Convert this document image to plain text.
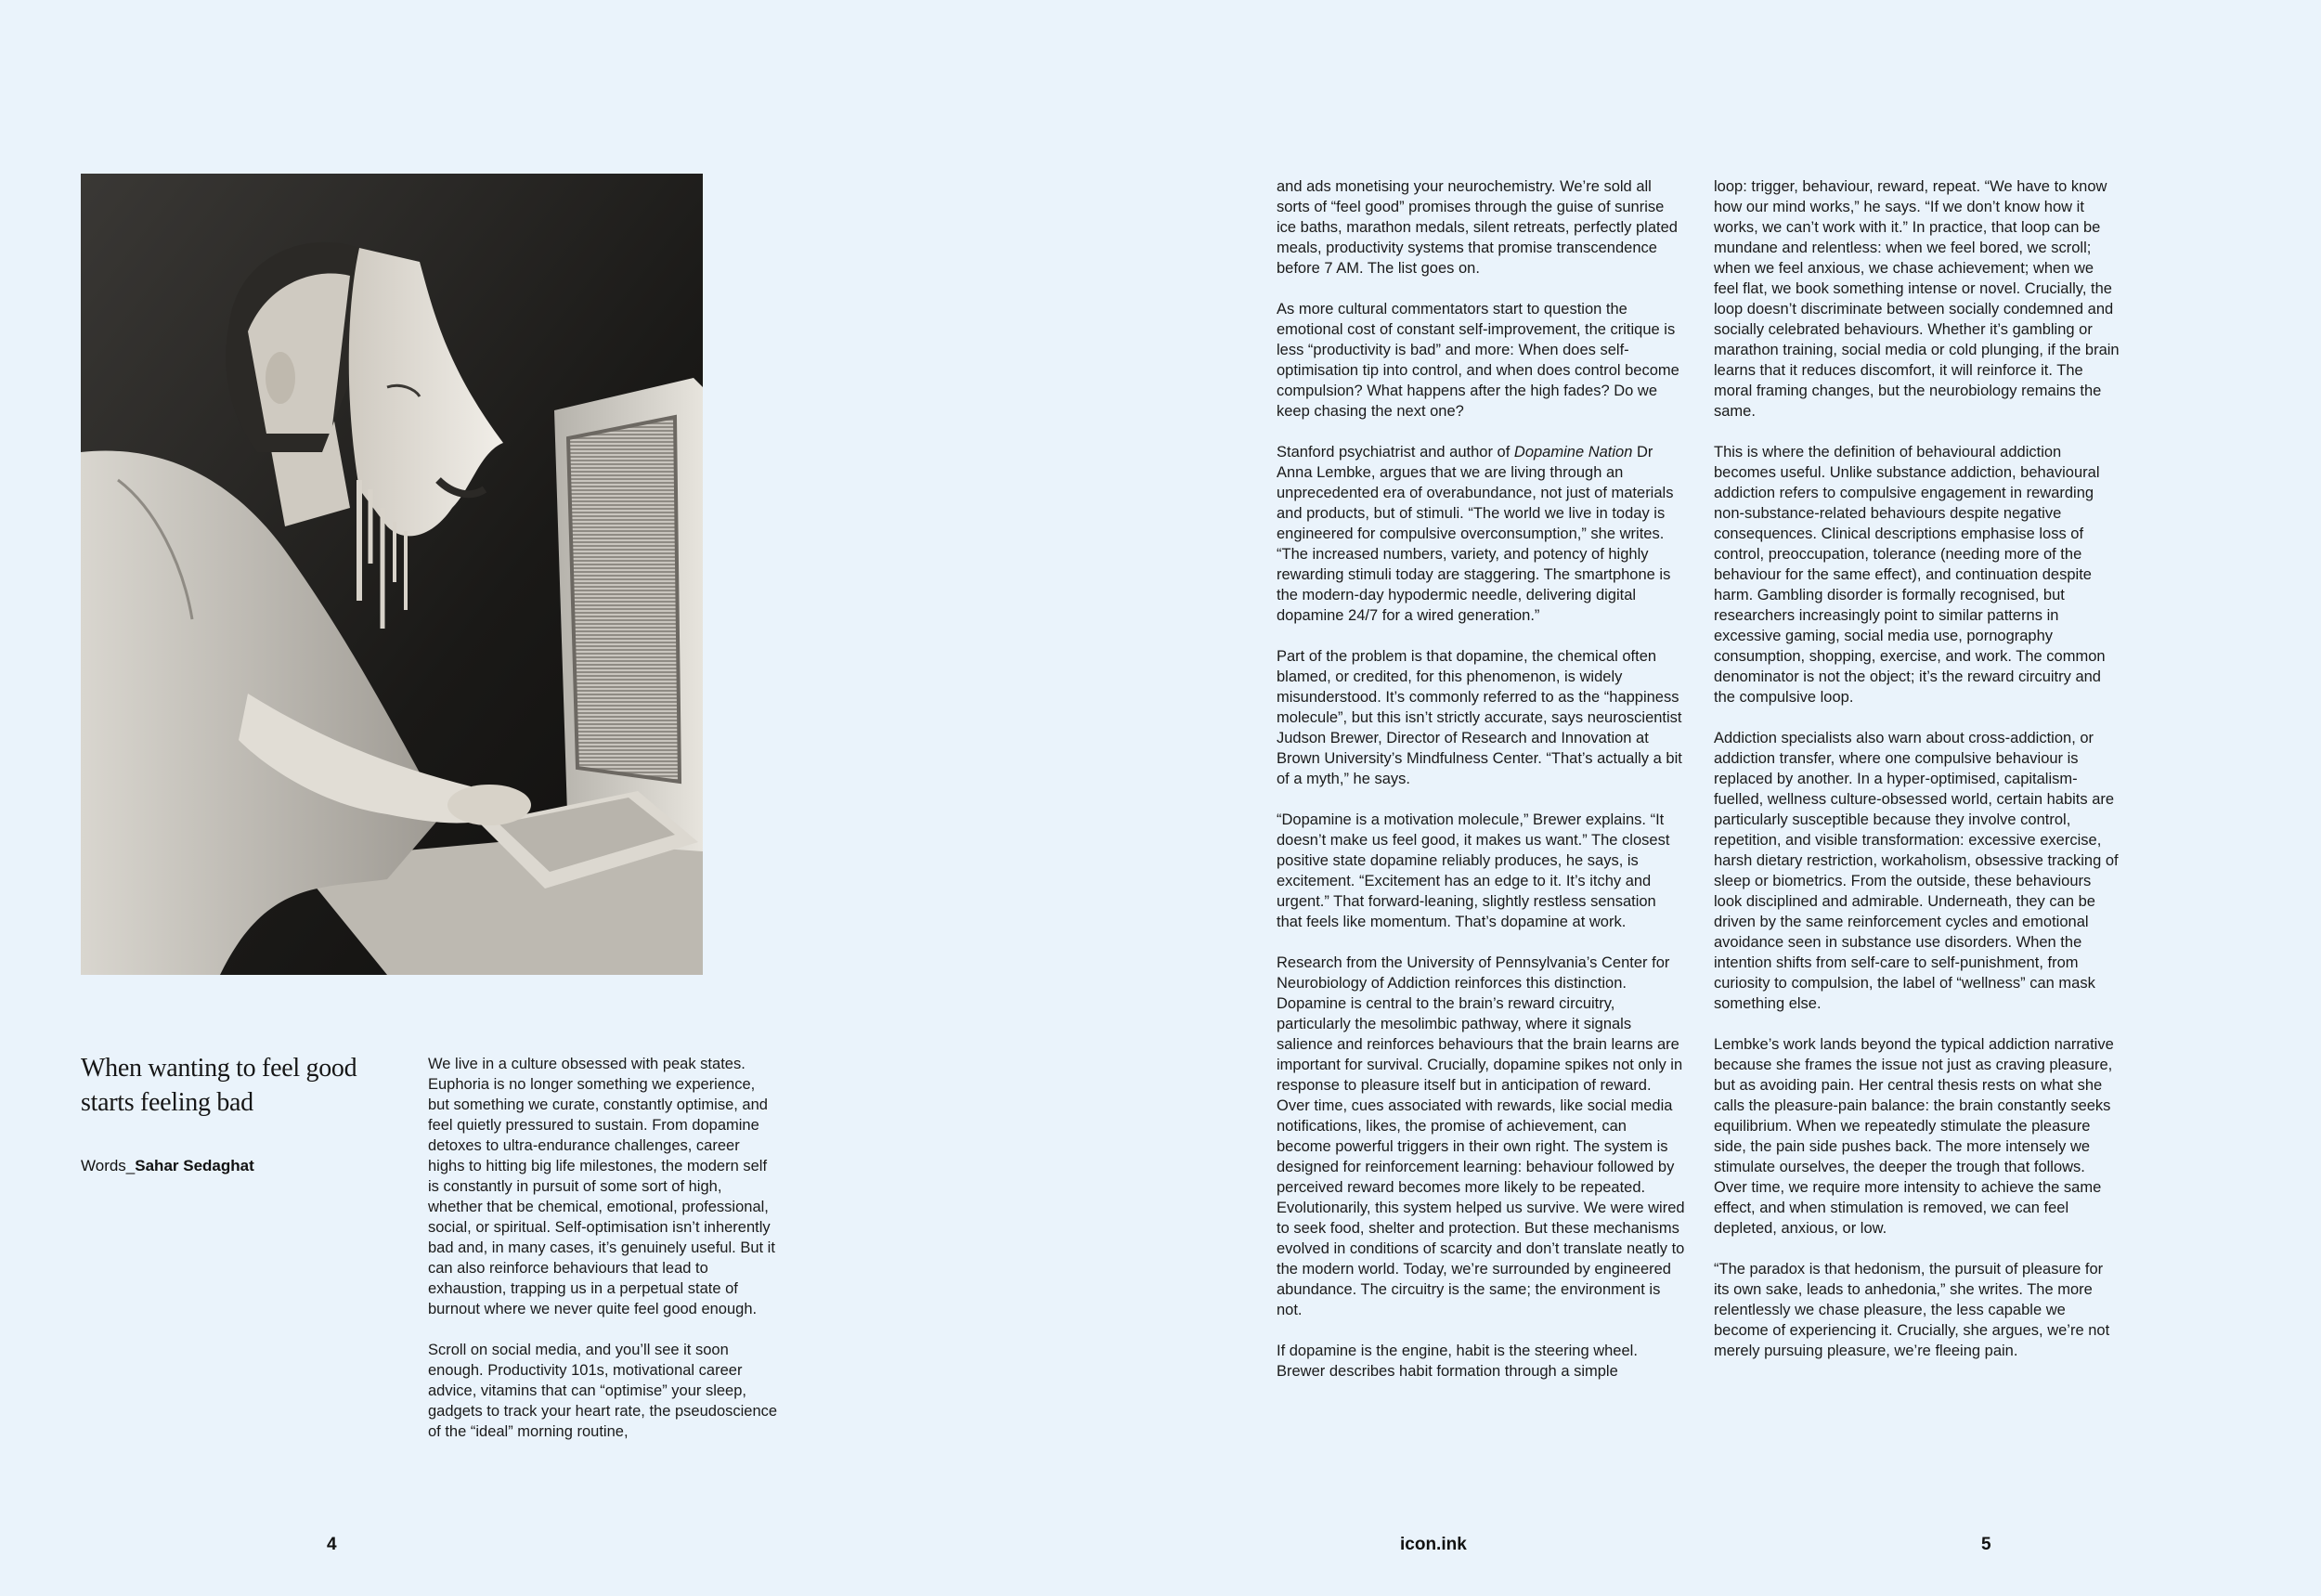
When wanting to feel good starts feeling bad
Words_Sahar Sedaghat

We live in a culture obsessed with peak states. Euphoria is no longer something we experience, but something we curate, constantly optimise, and feel quietly pressured to sustain. From dopamine detoxes to ultra-endurance challenges, career highs to hitting big life milestones, the modern self is constantly in pursuit of some sort of high, whether that be chemical, emotional, professional, social, or spiritual. Self-optimisation isn’t inherently bad and, in many cases, it’s genuinely useful. But it can also reinforce behaviours that lead to exhaustion, trapping us in a perpetual state of burnout where we never quite feel good enough.

Scroll on social media, and you’ll see it soon enough. Productivity 101s, motivational career advice, vitamins that can “optimise” your sleep, gadgets to track your heart rate, the pseudoscience of the “ideal” morning routine,

and ads monetising your neurochemistry. We’re sold all sorts of “feel good” promises through the guise of sunrise ice baths, marathon medals, silent retreats, perfectly plated meals, productivity systems that promise transcendence before 7 AM. The list goes on.

As more cultural commentators start to question the emotional cost of constant self-improvement, the critique is less “productivity is bad” and more: When does self-optimisation tip into control, and when does control become compulsion? What happens after the high fades? Do we keep chasing the next one?

Stanford psychiatrist and author of Dopamine Nation Dr Anna Lembke, argues that we are living through an unprecedented era of overabundance, not just of materials and products, but of stimuli. “The world we live in today is engineered for compulsive overconsumption,” she writes. “The increased numbers, variety, and potency of highly rewarding stimuli today are staggering. The smartphone is the modern-day hypodermic needle, delivering digital dopamine 24/7 for a wired generation.”

Part of the problem is that dopamine, the chemical often blamed, or credited, for this phenomenon, is widely misunderstood. It’s commonly referred to as the “happiness molecule”, but this isn’t strictly accurate, says neuroscientist Judson Brewer, Director of Research and Innovation at Brown University’s Mindfulness Center. “That’s actually a bit of a myth,” he says.

“Dopamine is a motivation molecule,” Brewer explains. “It doesn’t make us feel good, it makes us want.” The closest positive state dopamine reliably produces, he says, is excitement. “Excitement has an edge to it. It’s itchy and urgent.” That forward-leaning, slightly restless sensation that feels like momentum. That’s dopamine at work.

Research from the University of Pennsylvania’s Center for Neurobiology of Addiction reinforces this distinction. Dopamine is central to the brain’s reward circuitry, particularly the mesolimbic pathway, where it signals salience and reinforces behaviours that the brain learns are important for survival. Crucially, dopamine spikes not only in response to pleasure itself but in anticipation of reward. Over time, cues associated with rewards, like social media notifications, likes, the promise of achievement, can become powerful triggers in their own right. The system is designed for reinforcement learning: behaviour followed by perceived reward becomes more likely to be repeated. Evolutionarily, this system helped us survive. We were wired to seek food, shelter and protection. But these mechanisms evolved in conditions of scarcity and don’t translate neatly to the modern world. Today, we’re surrounded by engineered abundance. The circuitry is the same; the environment is not.

If dopamine is the engine, habit is the steering wheel. Brewer describes habit formation through a simple

loop: trigger, behaviour, reward, repeat. “We have to know how our mind works,” he says. “If we don’t know how it works, we can’t work with it.” In practice, that loop can be mundane and relentless: when we feel bored, we scroll; when we feel anxious, we chase achievement; when we feel flat, we book something intense or novel. Crucially, the loop doesn’t discriminate between socially condemned and socially celebrated behaviours. Whether it’s gambling or marathon training, social media or cold plunging, if the brain learns that it reduces discomfort, it will reinforce it. The moral framing changes, but the neurobiology remains the same.

This is where the definition of behavioural addiction becomes useful. Unlike substance addiction, behavioural addiction refers to compulsive engagement in rewarding non-substance-related behaviours despite negative consequences. Clinical descriptions emphasise loss of control, preoccupation, tolerance (needing more of the behaviour for the same effect), and continuation despite harm. Gambling disorder is formally recognised, but researchers increasingly point to similar patterns in excessive gaming, social media use, pornography consumption, shopping, exercise, and work. The common denominator is not the object; it’s the reward circuitry and the compulsive loop.

Addiction specialists also warn about cross-addiction, or addiction transfer, where one compulsive behaviour is replaced by another. In a hyper-optimised, capitalism-fuelled, wellness culture-obsessed world, certain habits are particularly susceptible because they involve control, repetition, and visible transformation: excessive exercise, harsh dietary restriction, workaholism, obsessive tracking of sleep or biometrics. From the outside, these behaviours look disciplined and admirable. Underneath, they can be driven by the same reinforcement cycles and emotional avoidance seen in substance use disorders. When the intention shifts from self-care to self-punishment, from curiosity to compulsion, the label of “wellness” can mask something else.

Lembke’s work lands beyond the typical addiction narrative because she frames the issue not just as craving pleasure, but as avoiding pain. Her central thesis rests on what she calls the pleasure-pain balance: the brain constantly seeks equilibrium. When we repeatedly stimulate the pleasure side, the pain side pushes back. The more intensely we stimulate ourselves, the deeper the trough that follows. Over time, we require more intensity to achieve the same effect, and when stimulation is removed, we can feel depleted, anxious, or low.

“The paradox is that hedonism, the pursuit of pleasure for its own sake, leads to anhedonia,” she writes. The more relentlessly we chase pleasure, the less capable we become of experiencing it. Crucially, she argues, we’re not merely pursuing pleasure, we’re fleeing pain.

4	icon.ink	5
